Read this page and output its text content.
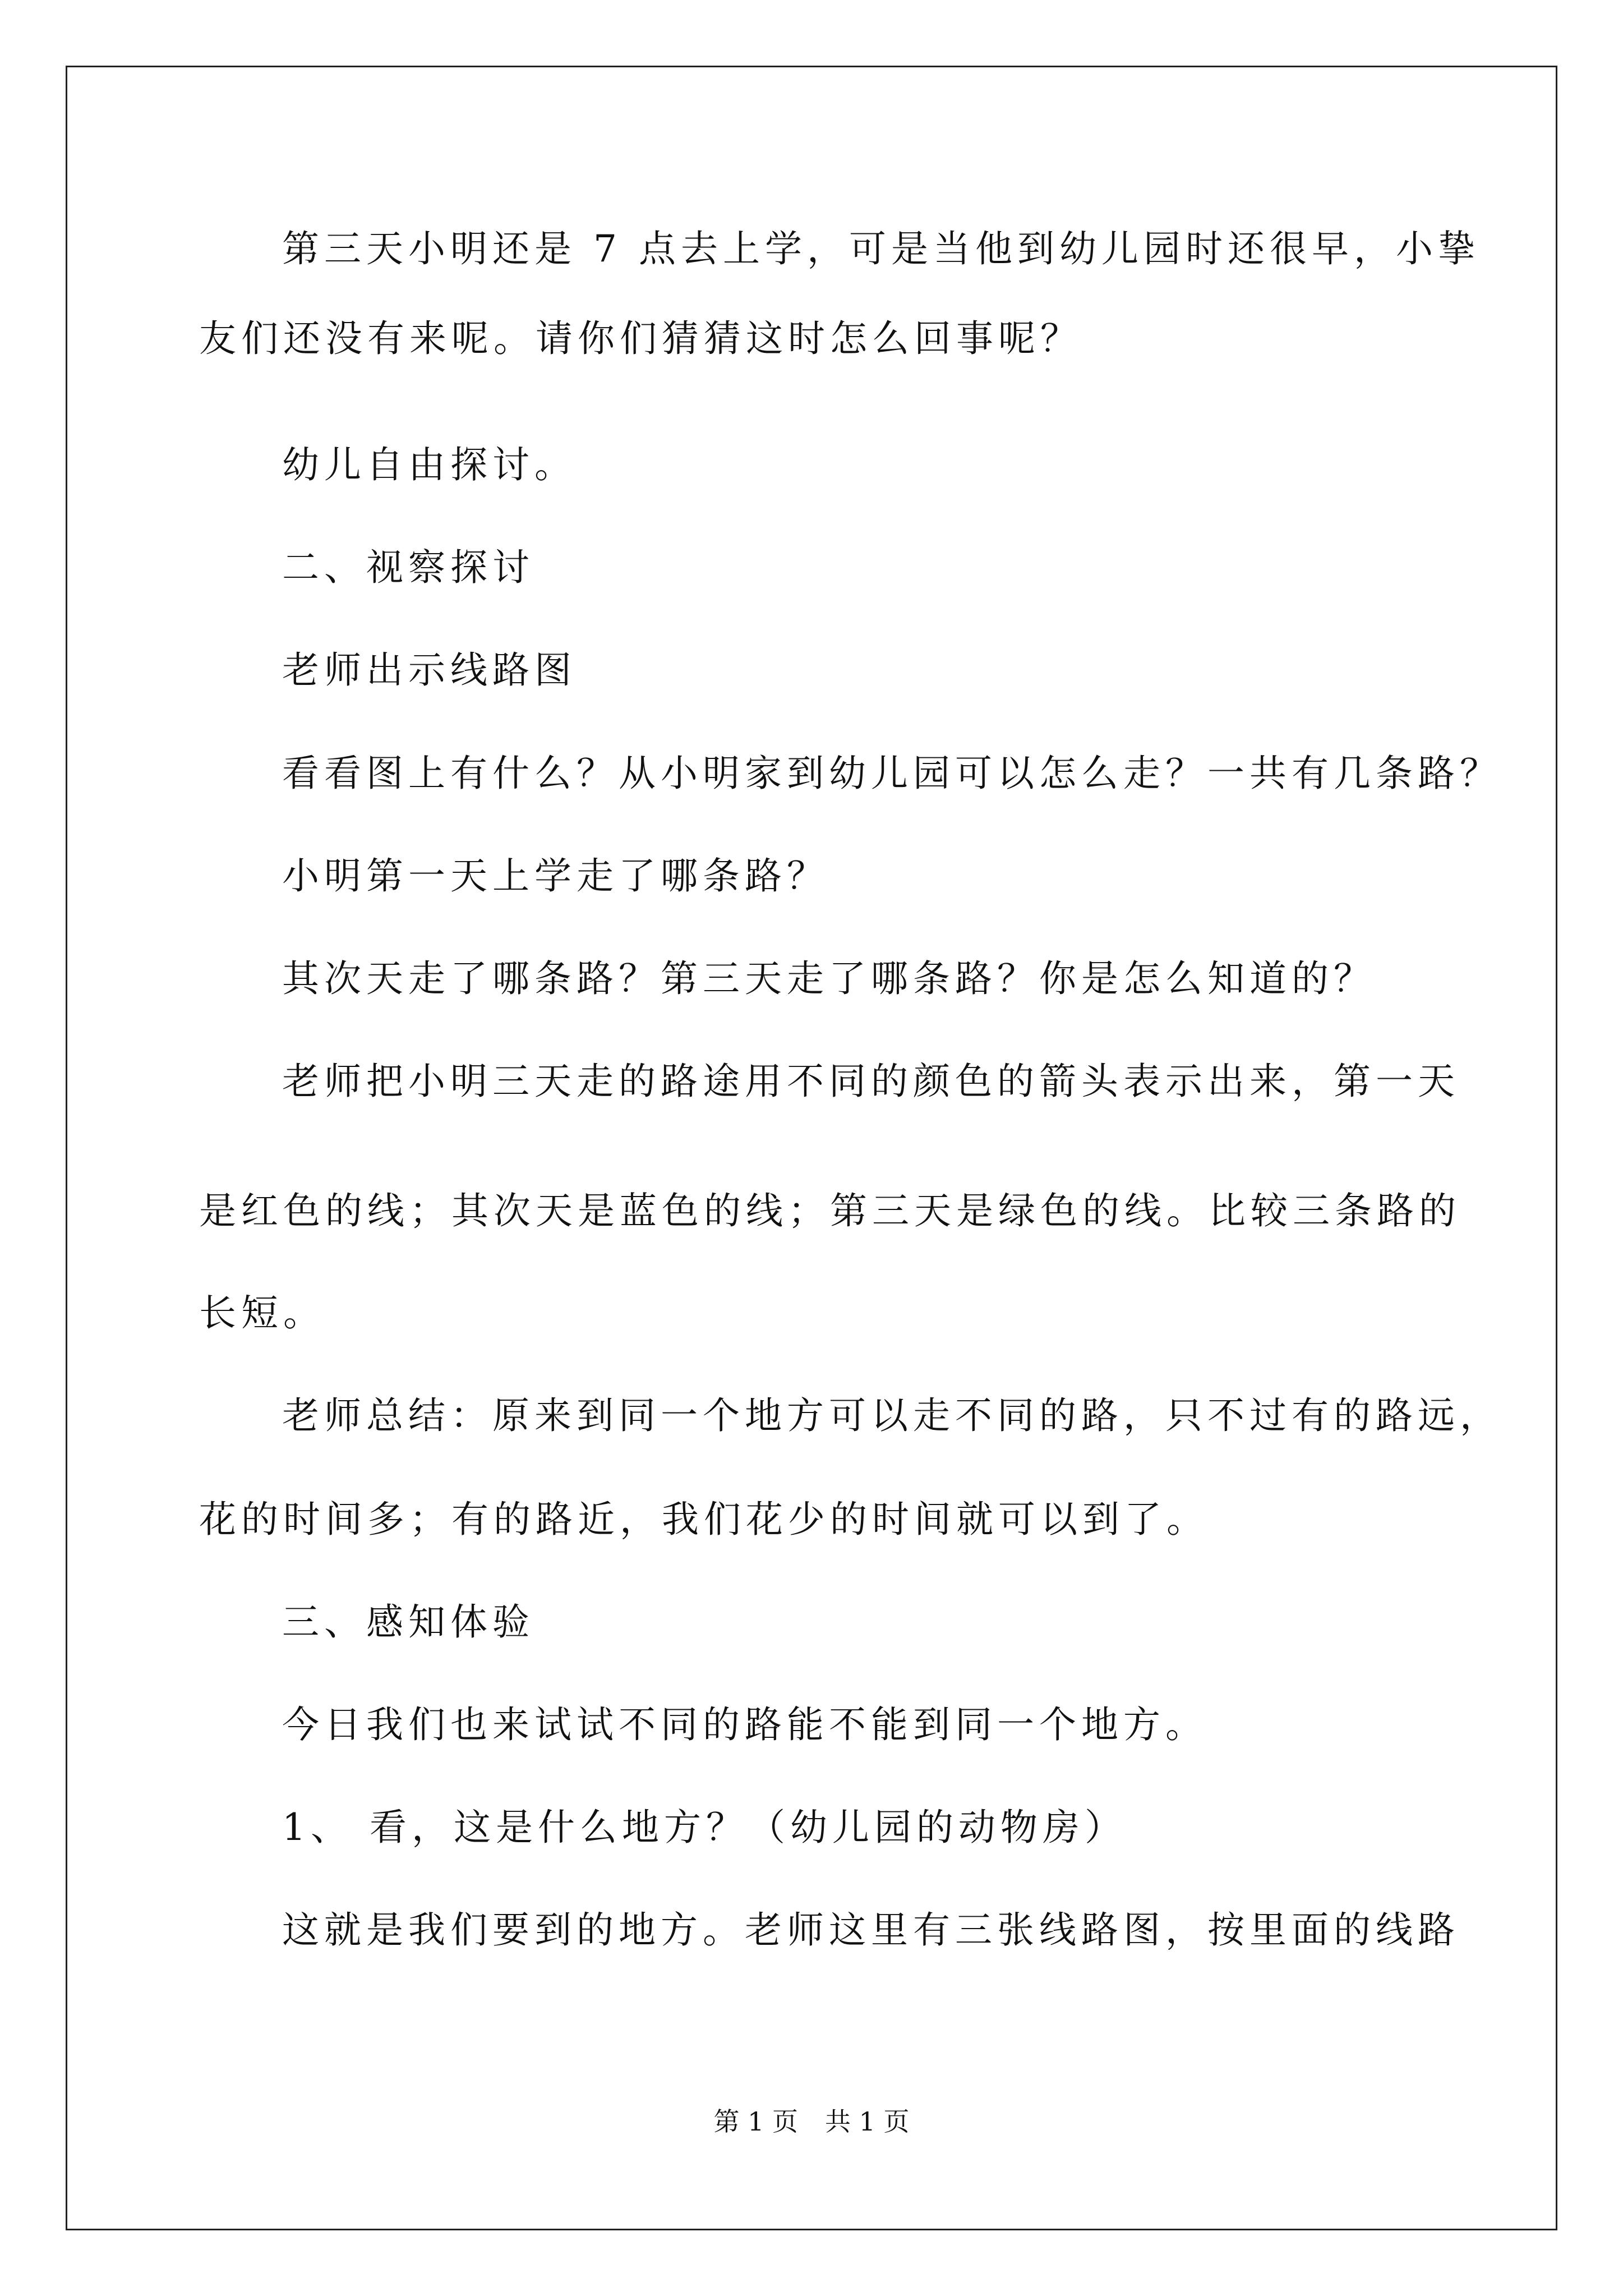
第三天小明还是 7 点去上学，可是当他到幼儿园时还很早，小挚
友们还没有来呢。请你们猜猜这时怎么回事呢？
幼儿自由探讨。
二、视察探讨
老师出示线路图
看看图上有什么？从小明家到幼儿园可以怎么走？一共有几条路？
小明第一天上学走了哪条路？
其次天走了哪条路？第三天走了哪条路？你是怎么知道的？
老师把小明三天走的路途用不同的颜色的箭头表示出来，第一天
是红色的线；其次天是蓝色的线；第三天是绿色的线。比较三条路的
长短。
老师总结：原来到同一个地方可以走不同的路，只不过有的路远，
花的时间多；有的路近，我们花少的时间就可以到了。
三、感知体验
今日我们也来试试不同的路能不能到同一个地方。
1、 看，这是什么地方？（幼儿园的动物房）
这就是我们要到的地方。老师这里有三张线路图，按里面的线路
第 1 页 共 1 页
